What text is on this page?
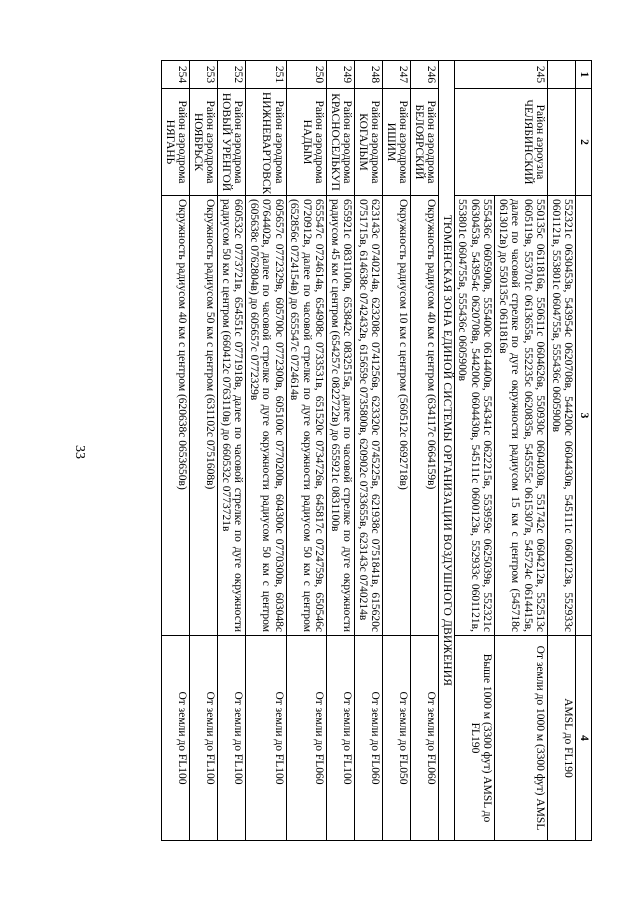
33
1	2	3	4
		552321с 0630453в, 543954с 0620708в, 544200с 0604430в, 545111с 0600123в, 552933с 0601121в, 553801с 0604755в, 555436с 0605900в	AMSL до FL190
245	Район аэроузла ЧЕЛЯБИНСКИЙ	550135с 0611816в, 550611с 0604626в, 550930с 0604030в, 551742с 0604212в, 552513с 0605119в, 553701с 0613655в, 552235с 0620835в, 545555с 0615307в, 545724с 0614415в, далее по часовой стрелке по дуге окружности радиусом 15 км с центром (545718с 0613012в) до 550135с 0611816в	От земли до 1000 м (3300 фут) AMSL
		555436с 0605900в, 555400с 0614400в, 554341с 0622215в, 553959с 0625039в, 552321с 0630453в, 543954с 0620708в, 544200с 0604430в, 545111с 0600123в, 552933с 0601121в, 553801с 0604755в, 555436с 0605900в	Выше 1000 м (3300 фут) AMSL до FL190
ТЮМЕНСКАЯ ЗОНА ЕДИНОЙ СИСТЕМЫ ОРГАНИЗАЦИИ ВОЗДУШНОГО ДВИЖЕНИЯ			
246	Район аэродрома БЕЛОЯРСКИЙ	Окружность радиусом 40 км с центром (634117с 0664159в)	От земли до FL060
247	Район аэродрома ИШИМ	Окружность радиусом 10 км с центром (560512с 0692718в)	От земли до FL050
248	Район аэродрома КОГАЛЫМ	623143с 0740214в, 623208с 0741256в, 623320с 0745225в, 621938с 0751841в, 615620с 0751715в, 614638с 0742432в, 615659с 0735800в, 620902с 0733655в, 623143с 0740214в	От земли до FL060
249	Район аэродрома КРАСНОСЕЛЬКУП	655921с 0831100в, 653842с 0832515в, далее по часовой стрелке по дуге окружности радиусом 45 км с центром (654257с 0822722в) до 655921с 0831100в	От земли до FL100
250	Район аэродрома НАДЫМ	655547с 0724614в, 654908с 0733531в, 651520с 0734726в, 645817с 0724759в, 650546с 0720912в, далее по часовой стрелке по дуге окружности радиусом 50 км с центром (652856с 0724154в) до 655547с 0724614в	От земли до FL060
251	Район аэродрома НИЖНЕВАРТОВСК	605657с 0772329в, 605700с 0772300в, 605100с 0770200в, 604300с 0770300в, 603048с 0764402в, далее по часовой стрелке по дуге окружности радиусом 50 км с центром (605638с 0762804в) до 605657с 0772329в	От земли до FL100
252	Район аэродрома НОВЫЙ УРЕНГОЙ	660532с 0773721в, 654551с 0771918в, далее по часовой стрелке по дуге окружности радиусом 50 км с центром (660412с 0763110в) до 660532с 0773721в	От земли до FL100
253	Район аэродрома НОЯБРЬСК	Окружность радиусом 50 км с центром (631102с 0751608в)	От земли до FL100
254	Район аэродрома НЯГАНЬ	Окружность радиусом 40 км с центром (620638с 0653650в)	От земли до FL100
